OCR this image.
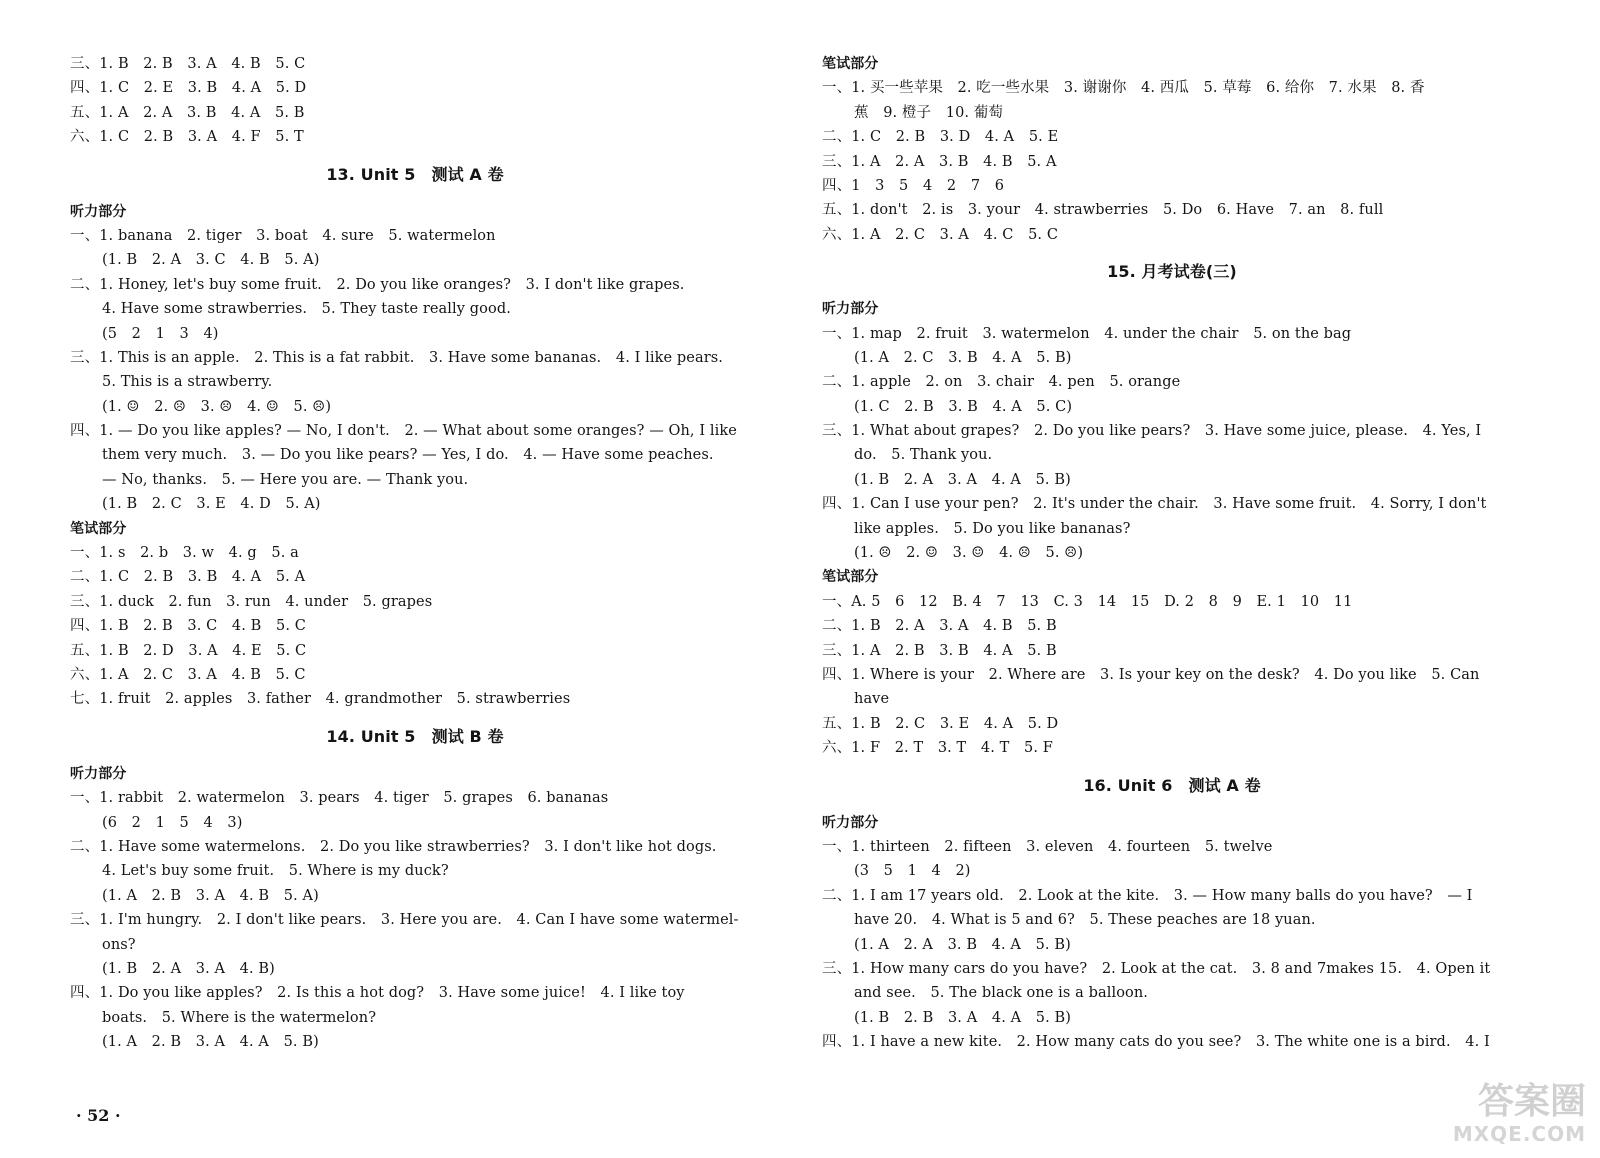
三、1. B　2. B　3. A　4. B　5. C
四、1. C　2. E　3. B　4. A　5. D
五、1. A　2. A　3. B　4. A　5. B
六、1. C　2. B　3. A　4. F　5. T
13. Unit 5　测试 A 卷
听力部分
一、1. banana　2. tiger　3. boat　4. sure　5. watermelon
(1. B　2. A　3. C　4. B　5. A)
二、1. Honey, let's buy some fruit.　2. Do you like oranges?　3. I don't like grapes.
4. Have some strawberries.　5. They taste really good.
(5　2　1　3　4)
三、1. This is an apple.　2. This is a fat rabbit.　3. Have some bananas.　4. I like pears.
5. This is a strawberry.
(1. ☺　2. ☹　3. ☹　4. ☺　5. ☹)
四、1. — Do you like apples? — No, I don't.　2. — What about some oranges? — Oh, I like
them very much.　3. — Do you like pears? — Yes, I do.　4. — Have some peaches.
— No, thanks.　5. — Here you are. — Thank you.
(1. B　2. C　3. E　4. D　5. A)
笔试部分
一、1. s　2. b　3. w　4. g　5. a
二、1. C　2. B　3. B　4. A　5. A
三、1. duck　2. fun　3. run　4. under　5. grapes
四、1. B　2. B　3. C　4. B　5. C
五、1. B　2. D　3. A　4. E　5. C
六、1. A　2. C　3. A　4. B　5. C
七、1. fruit　2. apples　3. father　4. grandmother　5. strawberries
14. Unit 5　测试 B 卷
听力部分
一、1. rabbit　2. watermelon　3. pears　4. tiger　5. grapes　6. bananas
(6　2　1　5　4　3)
二、1. Have some watermelons.　2. Do you like strawberries?　3. I don't like hot dogs.
4. Let's buy some fruit.　5. Where is my duck?
(1. A　2. B　3. A　4. B　5. A)
三、1. I'm hungry.　2. I don't like pears.　3. Here you are.　4. Can I have some watermel-
ons?
(1. B　2. A　3. A　4. B)
四、1. Do you like apples?　2. Is this a hot dog?　3. Have some juice!　4. I like toy
boats.　5. Where is the watermelon?
(1. A　2. B　3. A　4. A　5. B)
笔试部分
一、1. 买一些苹果　2. 吃一些水果　3. 谢谢你　4. 西瓜　5. 草莓　6. 给你　7. 水果　8. 香
蕉　9. 橙子　10. 葡萄
二、1. C　2. B　3. D　4. A　5. E
三、1. A　2. A　3. B　4. B　5. A
四、1　3　5　4　2　7　6
五、1. don't　2. is　3. your　4. strawberries　5. Do　6. Have　7. an　8. full
六、1. A　2. C　3. A　4. C　5. C
15. 月考试卷(三)
听力部分
一、1. map　2. fruit　3. watermelon　4. under the chair　5. on the bag
(1. A　2. C　3. B　4. A　5. B)
二、1. apple　2. on　3. chair　4. pen　5. orange
(1. C　2. B　3. B　4. A　5. C)
三、1. What about grapes?　2. Do you like pears?　3. Have some juice, please.　4. Yes, I
do.　5. Thank you.
(1. B　2. A　3. A　4. A　5. B)
四、1. Can I use your pen?　2. It's under the chair.　3. Have some fruit.　4. Sorry, I don't
like apples.　5. Do you like bananas?
(1. ☹　2. ☺　3. ☺　4. ☹　5. ☹)
笔试部分
一、A. 5　6　12　B. 4　7　13　C. 3　14　15　D. 2　8　9　E. 1　10　11
二、1. B　2. A　3. A　4. B　5. B
三、1. A　2. B　3. B　4. A　5. B
四、1. Where is your　2. Where are　3. Is your key on the desk?　4. Do you like　5. Can
have
五、1. B　2. C　3. E　4. A　5. D
六、1. F　2. T　3. T　4. T　5. F
16. Unit 6　测试 A 卷
听力部分
一、1. thirteen　2. fifteen　3. eleven　4. fourteen　5. twelve
(3　5　1　4　2)
二、1. I am 17 years old.　2. Look at the kite.　3. — How many balls do you have?　— I
have 20.　4. What is 5 and 6?　5. These peaches are 18 yuan.
(1. A　2. A　3. B　4. A　5. B)
三、1. How many cars do you have?　2. Look at the cat.　3. 8 and 7makes 15.　4. Open it
and see.　5. The black one is a balloon.
(1. B　2. B　3. A　4. A　5. B)
四、1. I have a new kite.　2. How many cats do you see?　3. The white one is a bird.　4. I
· 52 ·	答案圈
MXQE.COM
